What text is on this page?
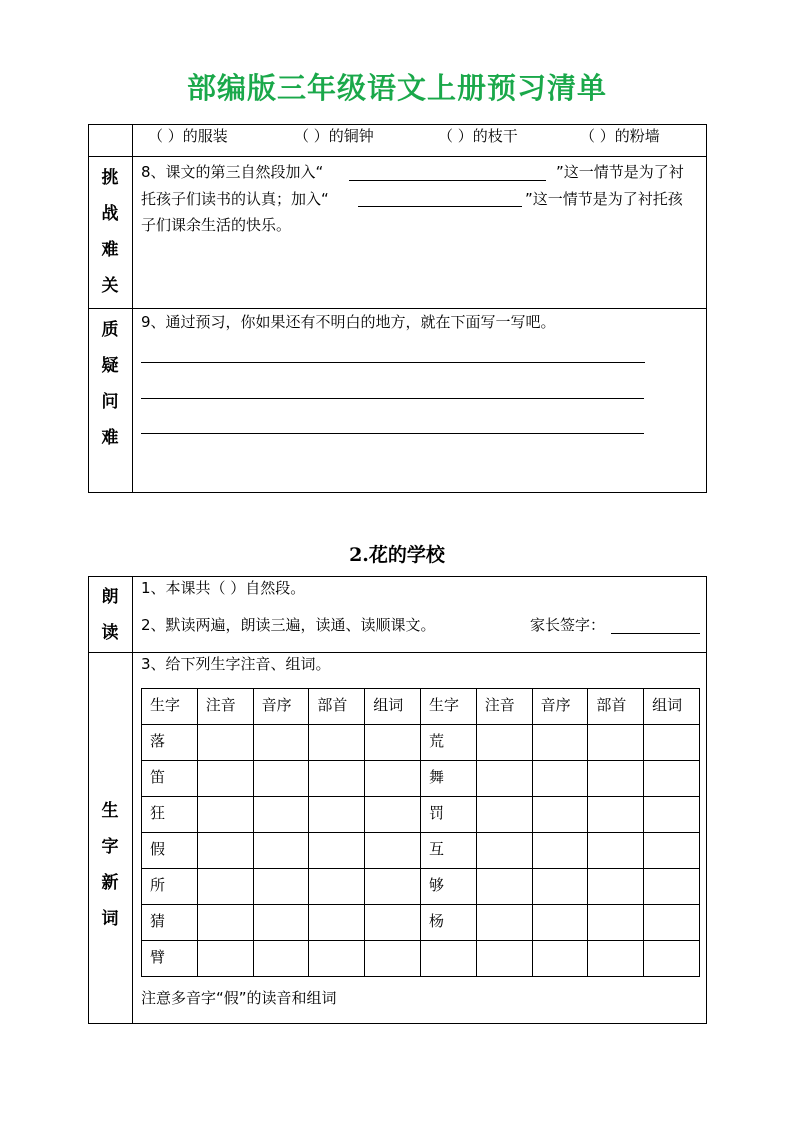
部编版三年级语文上册预习清单
（ ）的服装	（ ）的铜钟	（ ）的枝干	（ ）的粉墙
挑
战
难
关
8、课文的第三自然段加入“	”这一情节是为了衬
托孩子们读书的认真；加入“	”这一情节是为了衬托孩
子们课余生活的快乐。
质
疑
问
难
9、通过预习，你如果还有不明白的地方，就在下面写一写吧。
2.花的学校
朗
读
1、本课共（ ）自然段。
2、默读两遍，朗读三遍，读通、读顺课文。	家长签字：
生
字
新
词
3、给下列生字注音、组词。
生字	注音	音序	部首	组词	生字	注音	音序	部首	组词
落					荒				
笛					舞				
狂					罚				
假					互				
所					够				
猜					杨				
臂									
注意多音字“假”的读音和组词
